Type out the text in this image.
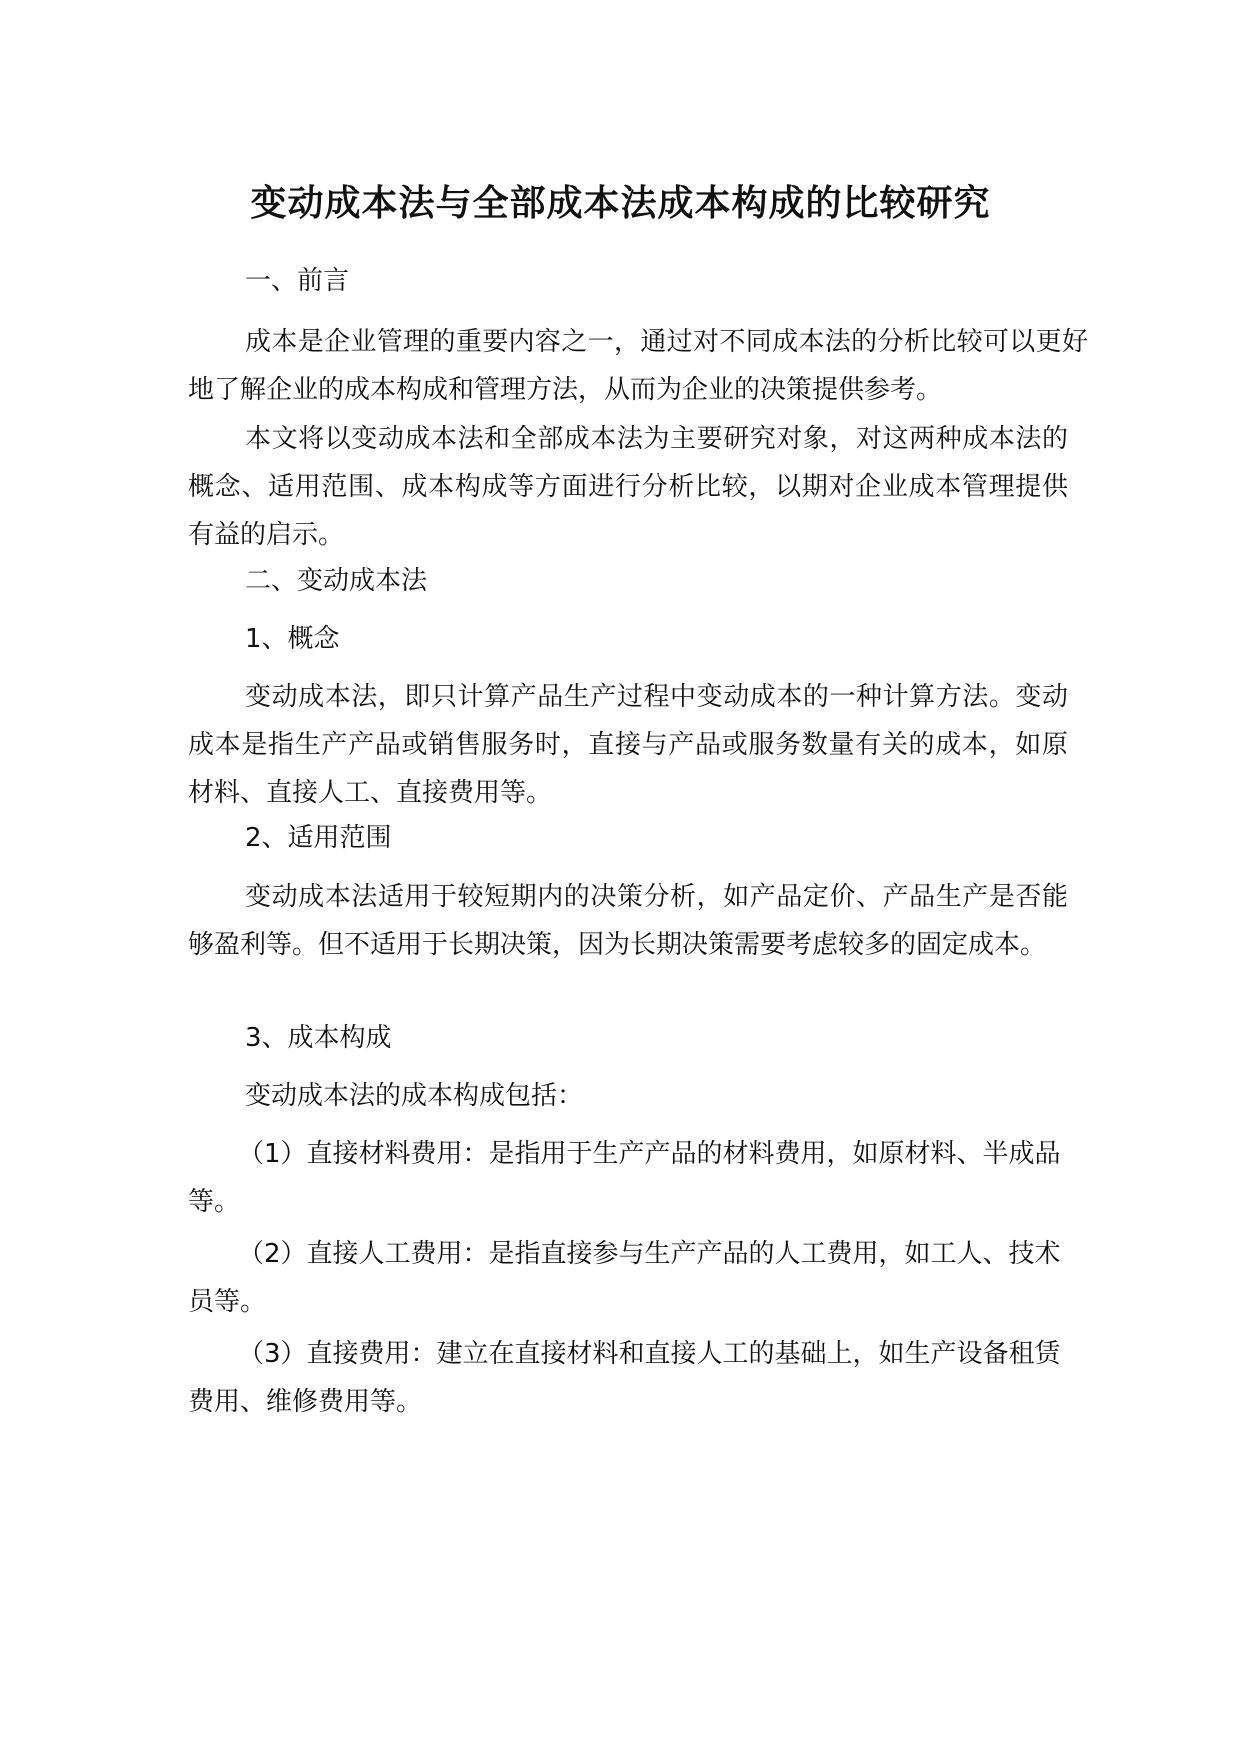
变动成本法与全部成本法成本构成的比较研究

一、前言

成本是企业管理的重要内容之一，通过对不同成本法的分析比较可以更好地了解企业的成本构成和管理方法，从而为企业的决策提供参考。

本文将以变动成本法和全部成本法为主要研究对象，对这两种成本法的概念、适用范围、成本构成等方面进行分析比较，以期对企业成本管理提供有益的启示。

二、变动成本法

1、概念

变动成本法，即只计算产品生产过程中变动成本的一种计算方法。变动成本是指生产产品或销售服务时，直接与产品或服务数量有关的成本，如原材料、直接人工、直接费用等。

2、适用范围

变动成本法适用于较短期内的决策分析，如产品定价、产品生产是否能够盈利等。但不适用于长期决策，因为长期决策需要考虑较多的固定成本。

3、成本构成

变动成本法的成本构成包括：

（1）直接材料费用：是指用于生产产品的材料费用，如原材料、半成品等。

（2）直接人工费用：是指直接参与生产产品的人工费用，如工人、技术员等。

（3）直接费用：建立在直接材料和直接人工的基础上，如生产设备租赁费用、维修费用等。
